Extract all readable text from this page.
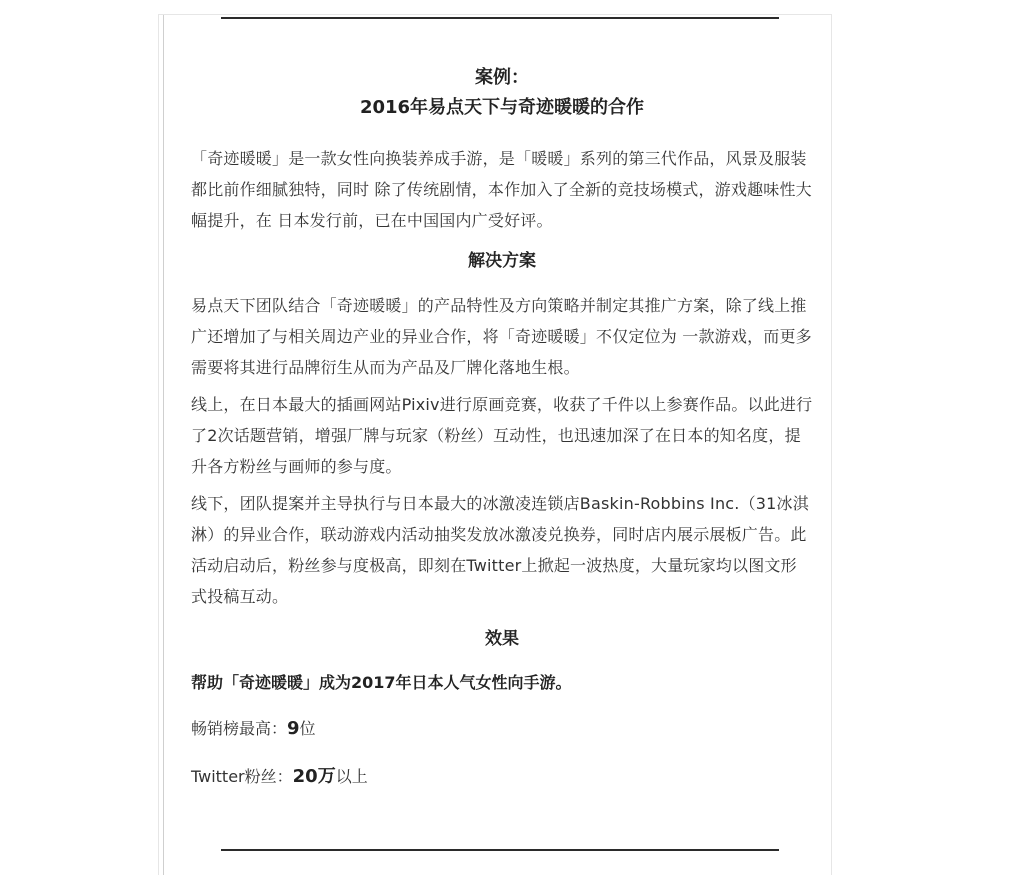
案例：
2016年易点天下与奇迹暖暖的合作

「奇迹暖暖」是一款女性向换装养成手游，是「暖暖」系列的第三代作品，风景及服装都比前作细腻独特，同时 除了传统剧情，本作加入了全新的竞技场模式，游戏趣味性大幅提升，在 日本发行前，已在中国国内广受好评。

解决方案

易点天下团队结合「奇迹暖暖」的产品特性及方向策略并制定其推广方案，除了线上推广还增加了与相关周边产业的异业合作，将「奇迹暖暖」不仅定位为 一款游戏，而更多需要将其进行品牌衍生从而为产品及厂牌化落地生根。

线上，在日本最大的插画网站Pixiv进行原画竞赛，收获了千件以上参赛作品。以此进行了2次话题营销，增强厂牌与玩家（粉丝）互动性，也迅速加深了在日本的知名度，提升各方粉丝与画师的参与度。

线下，团队提案并主导执行与日本最大的冰激凌连锁店Baskin-Robbins Inc.（31冰淇淋）的异业合作，联动游戏内活动抽奖发放冰激凌兑换券，同时店内展示展板广告。此活动启动后，粉丝参与度极高，即刻在Twitter上掀起一波热度，大量玩家均以图文形式投稿互动。

效果

帮助「奇迹暖暖」成为2017年日本人气女性向手游。

畅销榜最高：9位

Twitter粉丝：20万以上
